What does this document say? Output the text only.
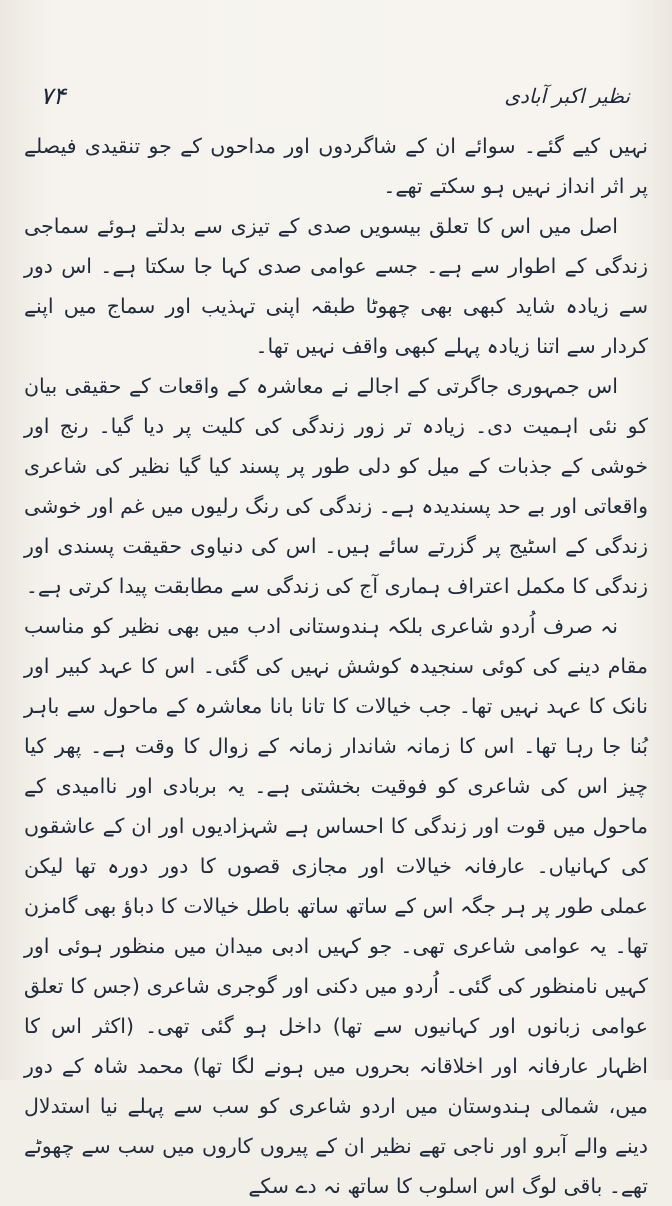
۷۴	نظیر اکبر آبادی

نہیں کیے گئے۔ سوائے ان کے شاگردوں اور مداحوں کے جو تنقیدی فیصلے پر اثر انداز نہیں ہو سکتے تھے۔

اصل میں اس کا تعلق بیسویں صدی کے تیزی سے بدلتے ہوئے سماجی زندگی کے اطوار سے ہے۔ جسے عوامی صدی کہا جا سکتا ہے۔ اس دور سے زیادہ شاید کبھی بھی چھوٹا طبقہ اپنی تہذیب اور سماج میں اپنے کردار سے اتنا زیادہ پہلے کبھی واقف نہیں تھا۔

اس جمہوری جاگرتی کے اجالے نے معاشرہ کے واقعات کے حقیقی بیان کو نئی اہمیت دی۔ زیادہ تر زور زندگی کی کلیت پر دیا گیا۔ رنج اور خوشی کے جذبات کے میل کو دلی طور پر پسند کیا گیا نظیر کی شاعری واقعاتی اور بے حد پسندیدہ ہے۔ زندگی کی رنگ رلیوں میں غم اور خوشی زندگی کے اسٹیج پر گزرتے سائے ہیں۔ اس کی دنیاوی حقیقت پسندی اور زندگی کا مکمل اعتراف ہماری آج کی زندگی سے مطابقت پیدا کرتی ہے۔

نہ صرف اُردو شاعری بلکہ ہندوستانی ادب میں بھی نظیر کو مناسب مقام دینے کی کوئی سنجیدہ کوشش نہیں کی گئی۔ اس کا عہد کبیر اور نانک کا عہد نہیں تھا۔ جب خیالات کا تانا بانا معاشرہ کے ماحول سے باہر بُنا جا رہا تھا۔ اس کا زمانہ شاندار زمانہ کے زوال کا وقت ہے۔ پھر کیا چیز اس کی شاعری کو فوقیت بخشتی ہے۔ یہ بربادی اور ناامیدی کے ماحول میں قوت اور زندگی کا احساس ہے شہزادیوں اور ان کے عاشقوں کی کہانیاں۔ عارفانہ خیالات اور مجازی قصوں کا دور دورہ تھا لیکن عملی طور پر ہر جگہ اس کے ساتھ ساتھ باطل خیالات کا دباؤ بھی گامزن تھا۔ یہ عوامی شاعری تھی۔ جو کہیں ادبی میدان میں منظور ہوئی اور کہیں نامنظور کی گئی۔ اُردو میں دکنی اور گوجری شاعری (جس کا تعلق عوامی زبانوں اور کہانیوں سے تھا) داخل ہو گئی تھی۔ (اکثر اس کا اظہار عارفانہ اور اخلاقانہ بحروں میں ہونے لگا تھا) محمد شاہ کے دور میں، شمالی ہندوستان میں اردو شاعری کو سب سے پہلے نیا استدلال دینے والے آبرو اور ناجی تھے نظیر ان کے پیروں کاروں میں سب سے چھوٹے تھے۔ باقی لوگ اس اسلوب کا ساتھ نہ دے سکے
